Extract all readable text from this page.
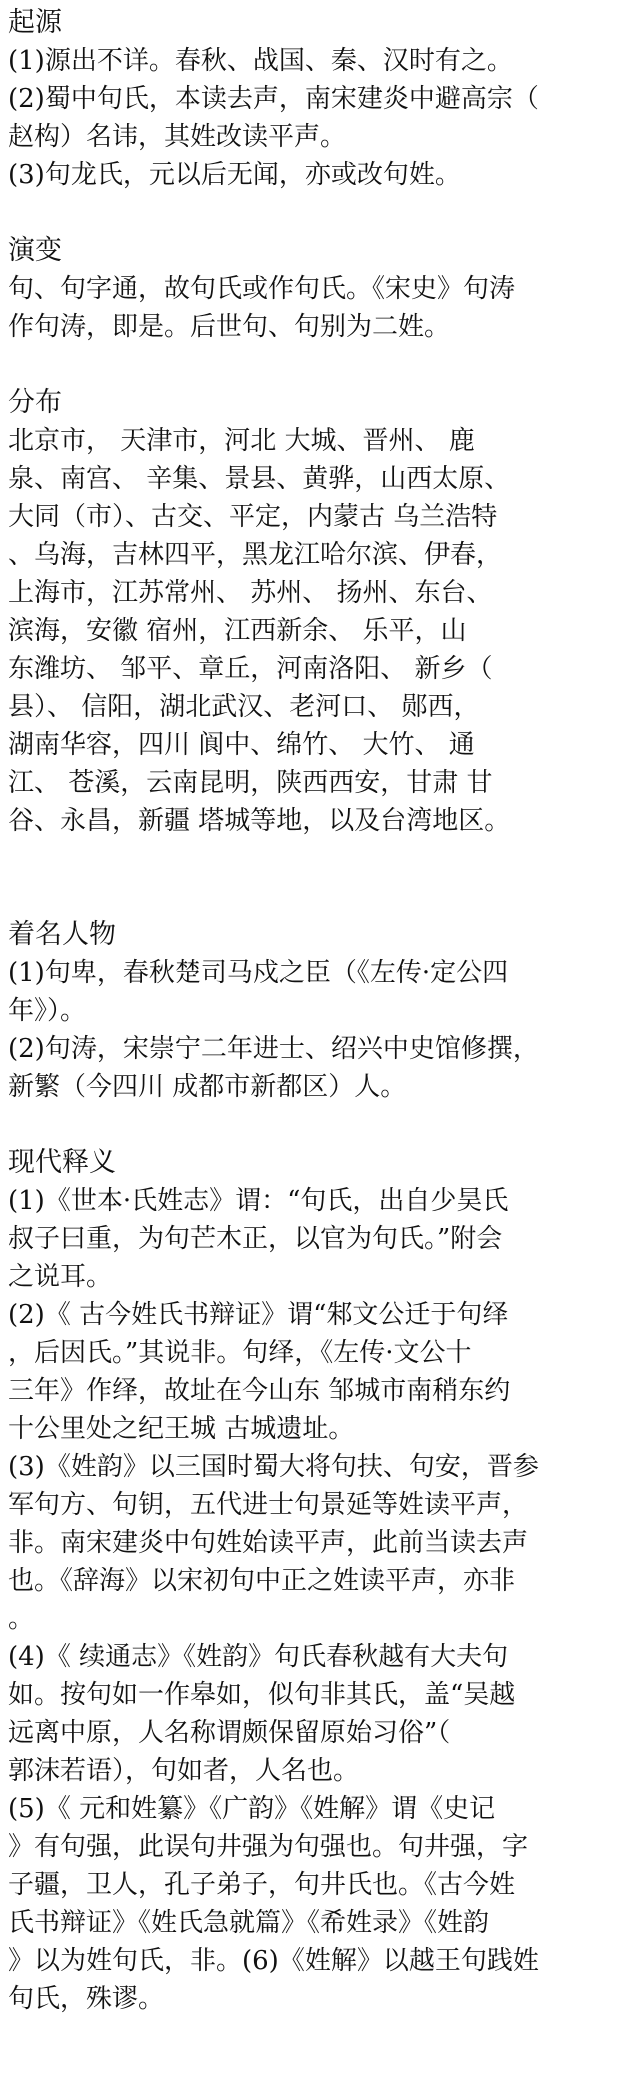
起源
(1)源出不详。春秋、战国、秦、汉时有之。
(2)蜀中句氏，本读去声，南宋建炎中避高宗（
赵构）名讳，其姓改读平声。
(3)句龙氏，元以后无闻，亦或改句姓。
演变
句、句字通，故句氏或作句氏。《宋史》句涛
作句涛，即是。后世句、句别为二姓。
分布
北京市， 天津市，河北 大城、晋州、 鹿
泉、南宫、 辛集、景县、黄骅，山西太原、
大同（市）、古交、平定，内蒙古 乌兰浩特
、乌海，吉林四平，黑龙江哈尔滨、伊春，
上海市，江苏常州、 苏州、 扬州、东台、
滨海，安徽 宿州，江西新余、 乐平，山
东潍坊、 邹平、章丘，河南洛阳、 新乡（
县）、 信阳，湖北武汉、老河口、 郧西，
湖南华容，四川 阆中、绵竹、 大竹、 通
江、 苍溪，云南昆明，陕西西安，甘肃 甘
谷、永昌，新疆 塔城等地，以及台湾地区。
着名人物
(1)句卑，春秋楚司马戍之臣（《左传·定公四
年》）。
(2)句涛，宋崇宁二年进士、绍兴中史馆修撰，
新繁（今四川 成都市新都区）人。
现代释义
(1)《世本·氏姓志》谓：“句氏，出自少昊氏
叔子曰重，为句芒木正，以官为句氏。”附会
之说耳。
(2)《 古今姓氏书辩证》谓“邾文公迁于句绎
，后因氏。”其说非。句绎，《左传·文公十
三年》作绎，故址在今山东 邹城市南稍东约
十公里处之纪王城 古城遗址。
(3)《姓韵》以三国时蜀大将句扶、句安，晋参
军句方、句钥，五代进士句景延等姓读平声，
非。南宋建炎中句姓始读平声，此前当读去声
也。《辞海》以宋初句中正之姓读平声，亦非
。
(4)《 续通志》《姓韵》句氏春秋越有大夫句
如。按句如一作皋如，似句非其氏，盖“吴越
远离中原，人名称谓颇保留原始习俗”（
郭沫若语），句如者，人名也。
(5)《 元和姓纂》《广韵》《姓解》谓《史记
》有句强，此误句井强为句强也。句井强，字
子疆，卫人，孔子弟子，句井氏也。《古今姓
氏书辩证》《姓氏急就篇》《希姓录》《姓韵
》以为姓句氏，非。(6)《姓解》以越王句践姓
句氏，殊谬。
